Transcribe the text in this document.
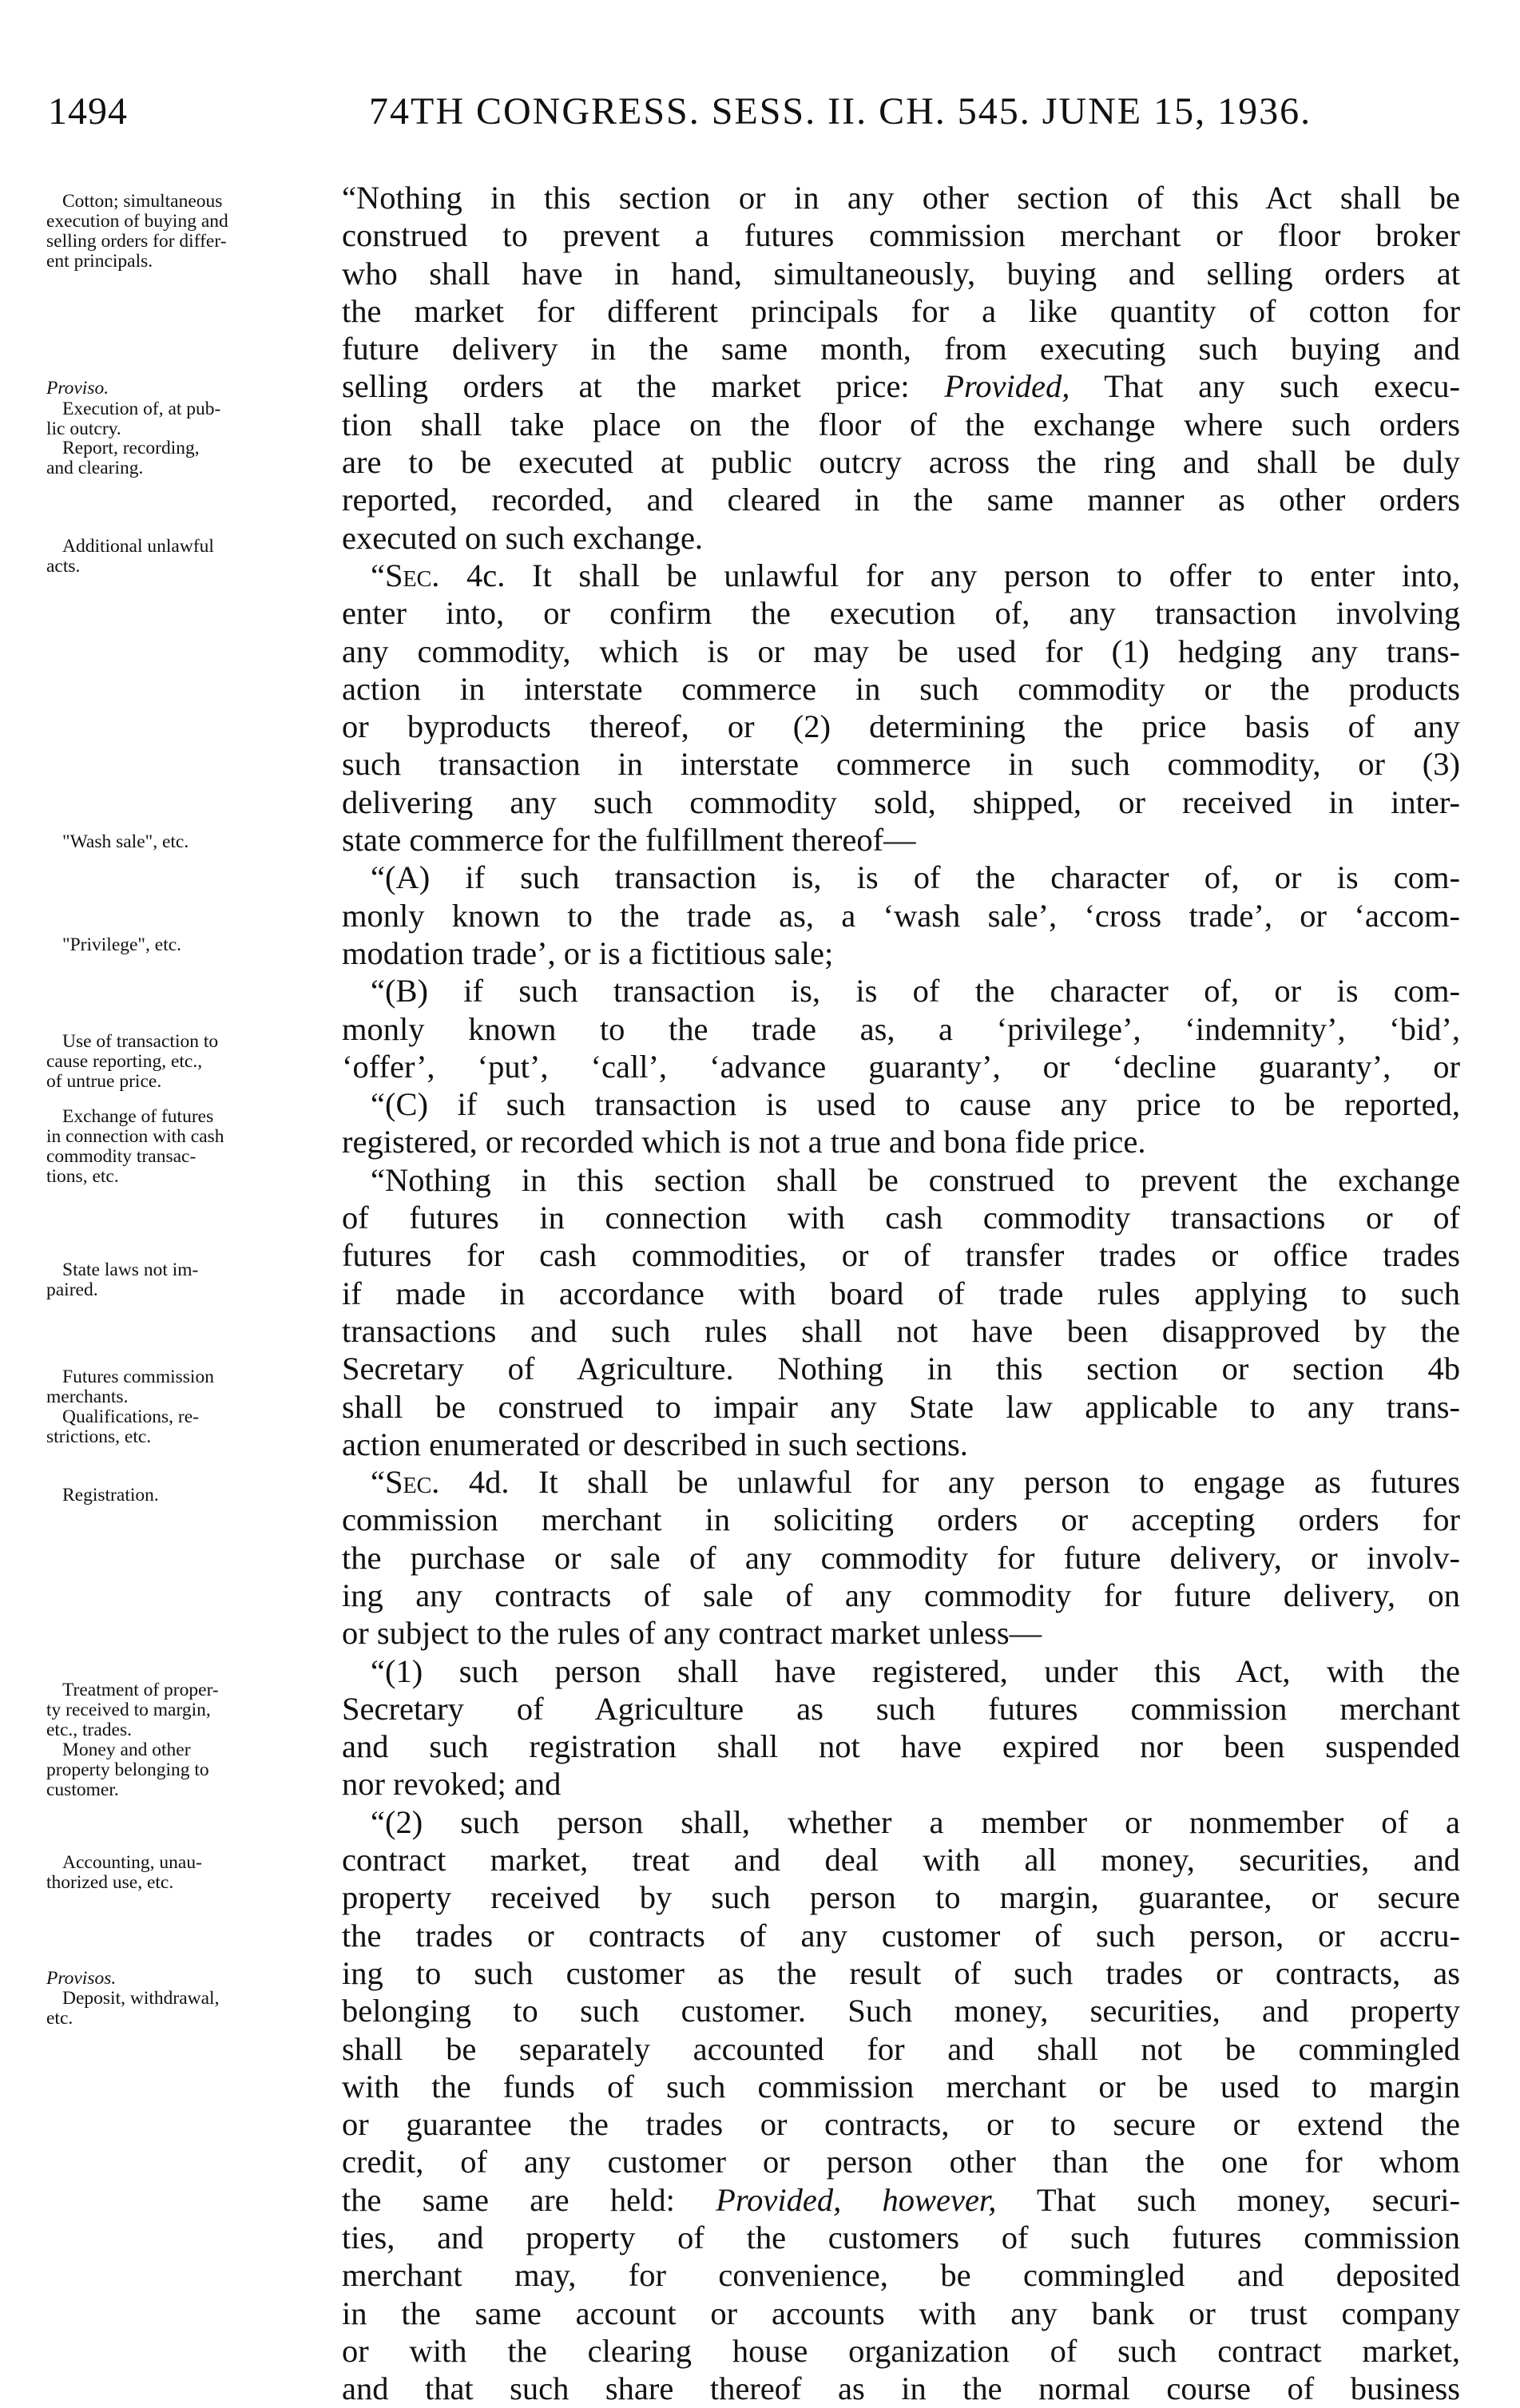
1494	74TH CONGRESS. SESS. II. CH. 545. JUNE 15, 1936.
Cotton; simultaneous
execution of buying and
selling orders for differ-
ent principals.
Proviso.
Execution of, at pub-
lic outcry.
Report, recording,
and clearing.
Additional unlawful
acts.
"Wash sale", etc.
"Privilege", etc.
Use of transaction to
cause reporting, etc.,
of untrue price.
Exchange of futures
in connection with cash
commodity transac-
tions, etc.
State laws not im-
paired.
Futures commission
merchants.
Qualifications, re-
strictions, etc.
Registration.
Treatment of proper-
ty received to margin,
etc., trades.
Money and other
property belonging to
customer.
Accounting, unau-
thorized use, etc.
Provisos.
Deposit, withdrawal,
etc.
“Nothing in this section or in any other section of this Act shall be
construed to prevent a futures commission merchant or floor broker
who shall have in hand, simultaneously, buying and selling orders at
the market for different principals for a like quantity of cotton for
future delivery in the same month, from executing such buying and
selling orders at the market price: Provided, That any such execu-
tion shall take place on the floor of the exchange where such orders
are to be executed at public outcry across the ring and shall be duly
reported, recorded, and cleared in the same manner as other orders
executed on such exchange.
“Sec. 4c. It shall be unlawful for any person to offer to enter into,
enter into, or confirm the execution of, any transaction involving
any commodity, which is or may be used for (1) hedging any trans-
action in interstate commerce in such commodity or the products
or byproducts thereof, or (2) determining the price basis of any
such transaction in interstate commerce in such commodity, or (3)
delivering any such commodity sold, shipped, or received in inter-
state commerce for the fulfillment thereof—
“(A) if such transaction is, is of the character of, or is com-
monly known to the trade as, a ‘wash sale’, ‘cross trade’, or ‘accom-
modation trade’, or is a fictitious sale;
“(B) if such transaction is, is of the character of, or is com-
monly known to the trade as, a ‘privilege’, ‘indemnity’, ‘bid’,
‘offer’, ‘put’, ‘call’, ‘advance guaranty’, or ‘decline guaranty’, or
“(C) if such transaction is used to cause any price to be reported,
registered, or recorded which is not a true and bona fide price.
“Nothing in this section shall be construed to prevent the exchange
of futures in connection with cash commodity transactions or of
futures for cash commodities, or of transfer trades or office trades
if made in accordance with board of trade rules applying to such
transactions and such rules shall not have been disapproved by the
Secretary of Agriculture. Nothing in this section or section 4b
shall be construed to impair any State law applicable to any trans-
action enumerated or described in such sections.
“Sec. 4d. It shall be unlawful for any person to engage as futures
commission merchant in soliciting orders or accepting orders for
the purchase or sale of any commodity for future delivery, or involv-
ing any contracts of sale of any commodity for future delivery, on
or subject to the rules of any contract market unless—
“(1) such person shall have registered, under this Act, with the
Secretary of Agriculture as such futures commission merchant
and such registration shall not have expired nor been suspended
nor revoked; and
“(2) such person shall, whether a member or nonmember of a
contract market, treat and deal with all money, securities, and
property received by such person to margin, guarantee, or secure
the trades or contracts of any customer of such person, or accru-
ing to such customer as the result of such trades or contracts, as
belonging to such customer. Such money, securities, and property
shall be separately accounted for and shall not be commingled
with the funds of such commission merchant or be used to margin
or guarantee the trades or contracts, or to secure or extend the
credit, of any customer or person other than the one for whom
the same are held: Provided, however, That such money, securi-
ties, and property of the customers of such futures commission
merchant may, for convenience, be commingled and deposited
in the same account or accounts with any bank or trust company
or with the clearing house organization of such contract market,
and that such share thereof as in the normal course of business
